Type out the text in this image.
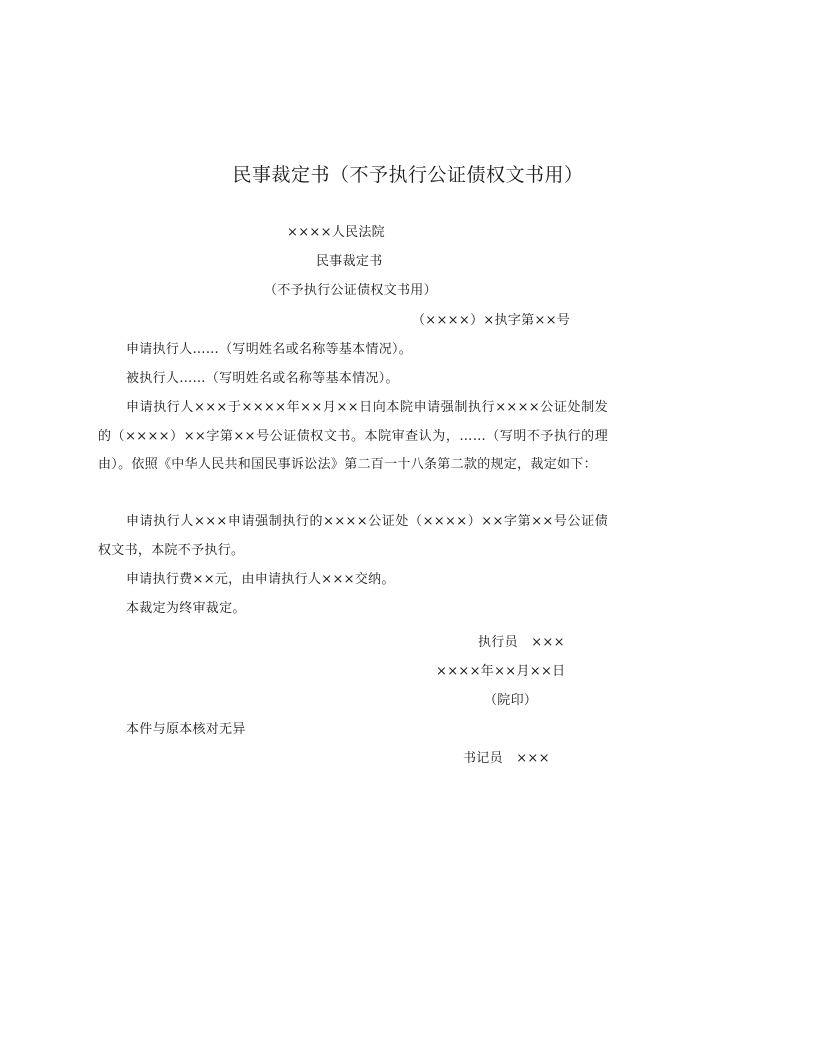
民事裁定书（不予执行公证债权文书用）
××××人民法院
民事裁定书
（不予执行公证债权文书用）
（××××）×执字第××号
申请执行人……（写明姓名或名称等基本情况）。
被执行人……（写明姓名或名称等基本情况）。
申请执行人×××于××××年××月××日向本院申请强制执行××××公证处制发的（××××）××字第××号公证债权文书。本院审查认为，……（写明不予执行的理由）。依照《中华人民共和国民事诉讼法》第二百一十八条第二款的规定，裁定如下：
申请执行人×××申请强制执行的××××公证处（××××）××字第××号公证债权文书，本院不予执行。
申请执行费××元，由申请执行人×××交纳。
本裁定为终审裁定。
执行员　×××
××××年××月××日
（院印）
本件与原本核对无异
书记员　×××
